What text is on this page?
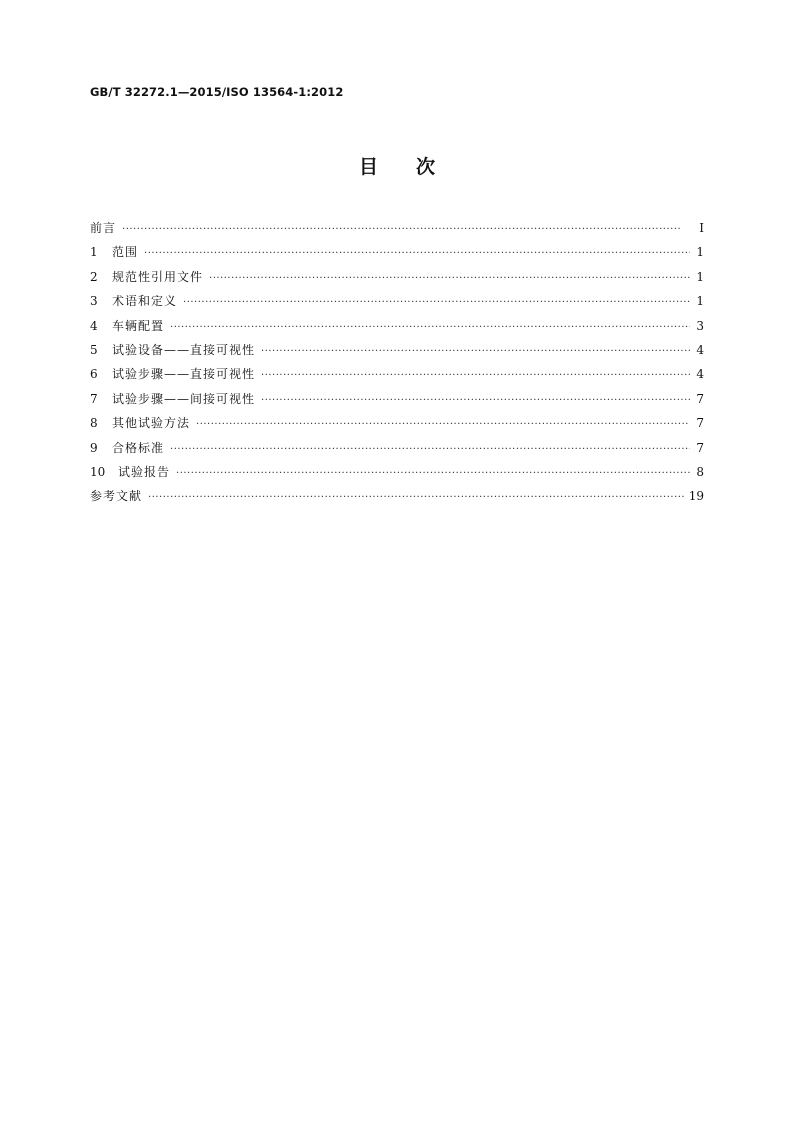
GB/T 32272.1—2015/ISO 13564-1:2012
目次
前言 ·····	Ⅰ
1	范围 ·····	1
2	规范性引用文件 ·····	1
3	术语和定义 ·····	1
4	车辆配置 ·····	3
5	试验设备——直接可视性 ·····	4
6	试验步骤——直接可视性 ·····	4
7	试验步骤——间接可视性 ·····	7
8	其他试验方法 ·····	7
9	合格标准 ·····	7
10	试验报告 ·····	8
参考文献 ·····	19
